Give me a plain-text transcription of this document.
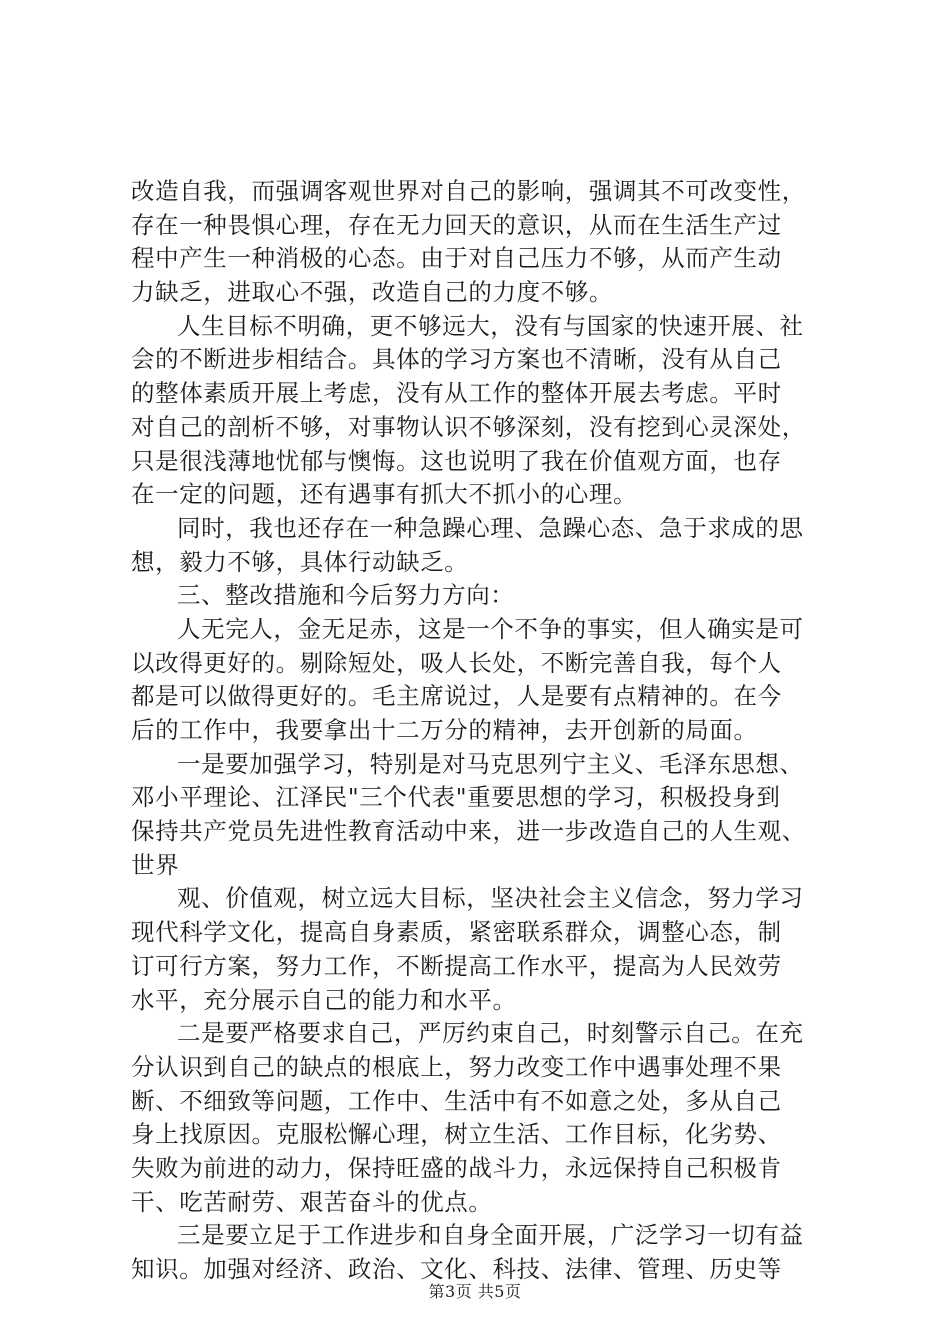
改造自我，而强调客观世界对自己的影响，强调其不可改变性，
存在一种畏惧心理，存在无力回天的意识，从而在生活生产过
程中产生一种消极的心态。由于对自己压力不够，从而产生动
力缺乏，进取心不强，改造自己的力度不够。
人生目标不明确，更不够远大，没有与国家的快速开展、社
会的不断进步相结合。具体的学习方案也不清晰，没有从自己
的整体素质开展上考虑，没有从工作的整体开展去考虑。平时
对自己的剖析不够，对事物认识不够深刻，没有挖到心灵深处，
只是很浅薄地忧郁与懊悔。这也说明了我在价值观方面，也存
在一定的问题，还有遇事有抓大不抓小的心理。
同时，我也还存在一种急躁心理、急躁心态、急于求成的思
想，毅力不够，具体行动缺乏。
三、整改措施和今后努力方向：
人无完人，金无足赤，这是一个不争的事实，但人确实是可
以改得更好的。剔除短处，吸人长处，不断完善自我，每个人
都是可以做得更好的。毛主席说过，人是要有点精神的。在今
后的工作中，我要拿出十二万分的精神，去开创新的局面。
一是要加强学习，特别是对马克思列宁主义、毛泽东思想、
邓小平理论、江泽民"三个代表"重要思想的学习，积极投身到
保持共产党员先进性教育活动中来，进一步改造自己的人生观、
世界
观、价值观，树立远大目标，坚决社会主义信念，努力学习
现代科学文化，提高自身素质，紧密联系群众，调整心态，制
订可行方案，努力工作，不断提高工作水平，提高为人民效劳
水平，充分展示自己的能力和水平。
二是要严格要求自己，严厉约束自己，时刻警示自己。在充
分认识到自己的缺点的根底上，努力改变工作中遇事处理不果
断、不细致等问题，工作中、生活中有不如意之处，多从自己
身上找原因。克服松懈心理，树立生活、工作目标，化劣势、
失败为前进的动力，保持旺盛的战斗力，永远保持自己积极肯
干、吃苦耐劳、艰苦奋斗的优点。
三是要立足于工作进步和自身全面开展，广泛学习一切有益
知识。加强对经济、政治、文化、科技、法律、管理、历史等
第3页 共5页
